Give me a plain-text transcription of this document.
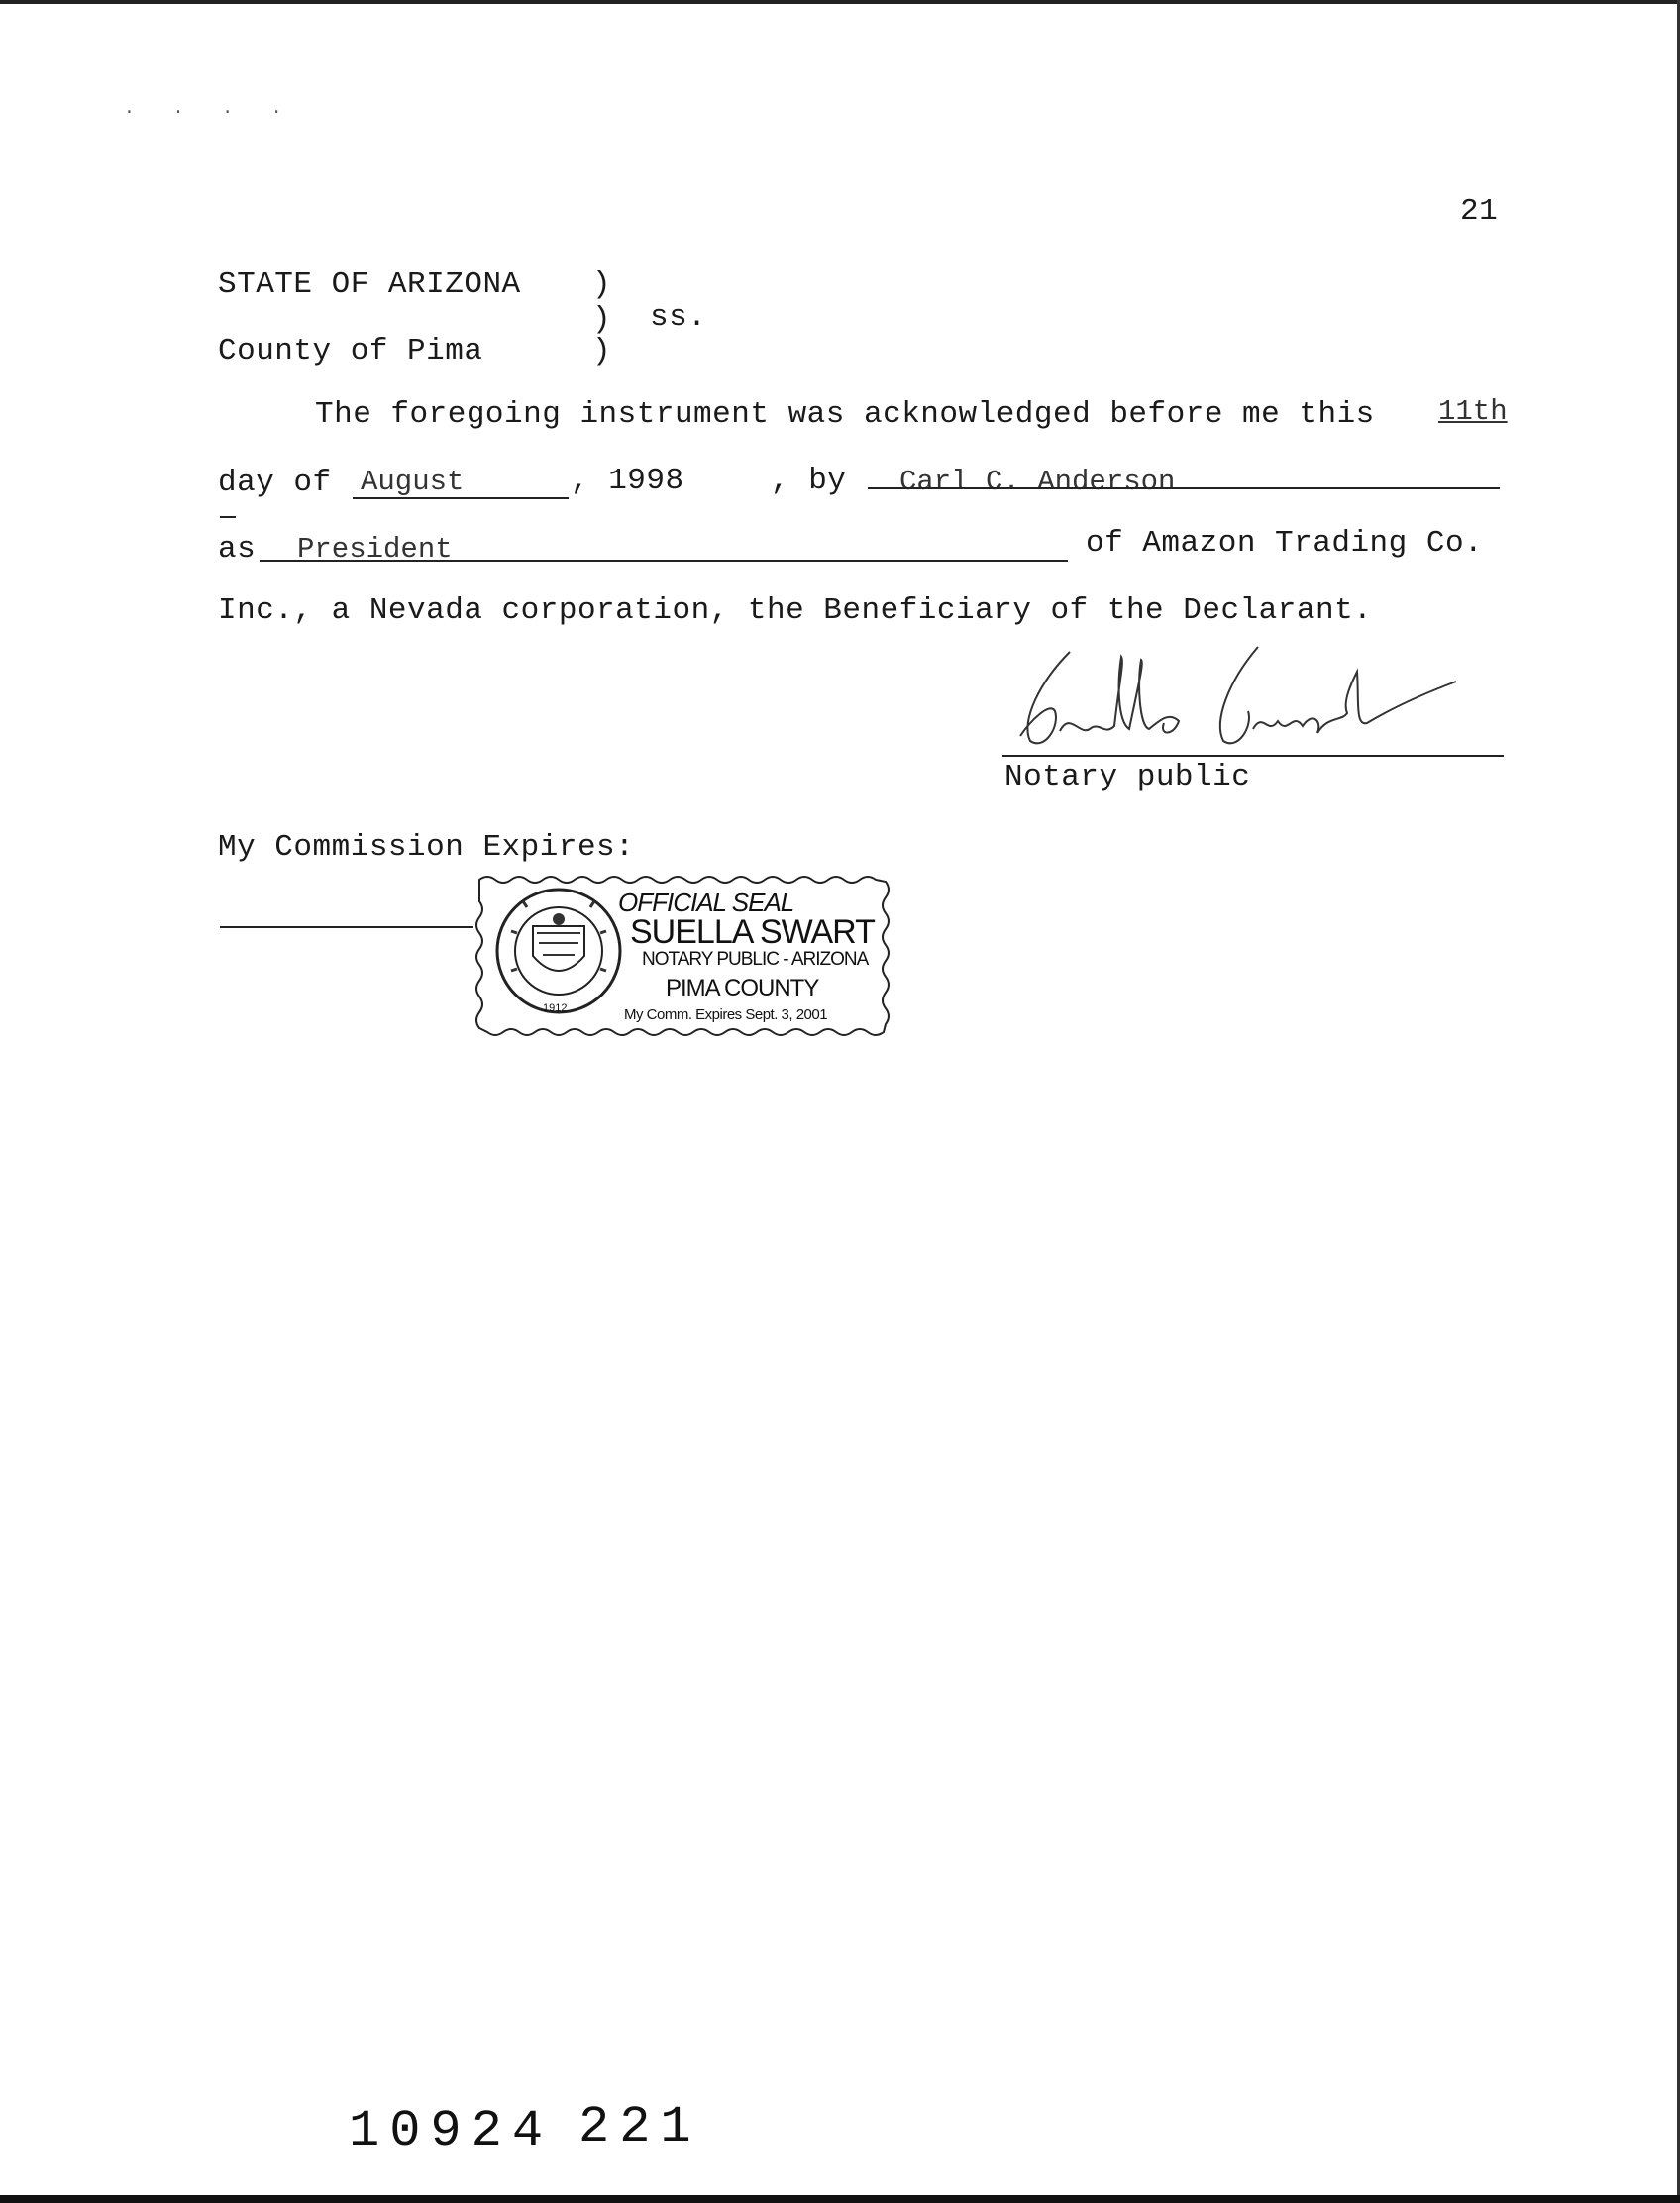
. . . .
21
STATE OF ARIZONA )
) ss.
County of Pima	)
The foregoing instrument was acknowledged before me this 11th
day of August	, 1998	, by Carl C. Anderson
as President	of Amazon Trading Co.
Inc., a Nevada corporation, the Beneficiary of the Declarant.
Notary public
My Commission Expires:
OFFICIAL SEAL
SUELLA SWART
NOTARY PUBLIC - ARIZONA
PIMA COUNTY
My Comm. Expires Sept. 3, 2001
1912
10924 221
